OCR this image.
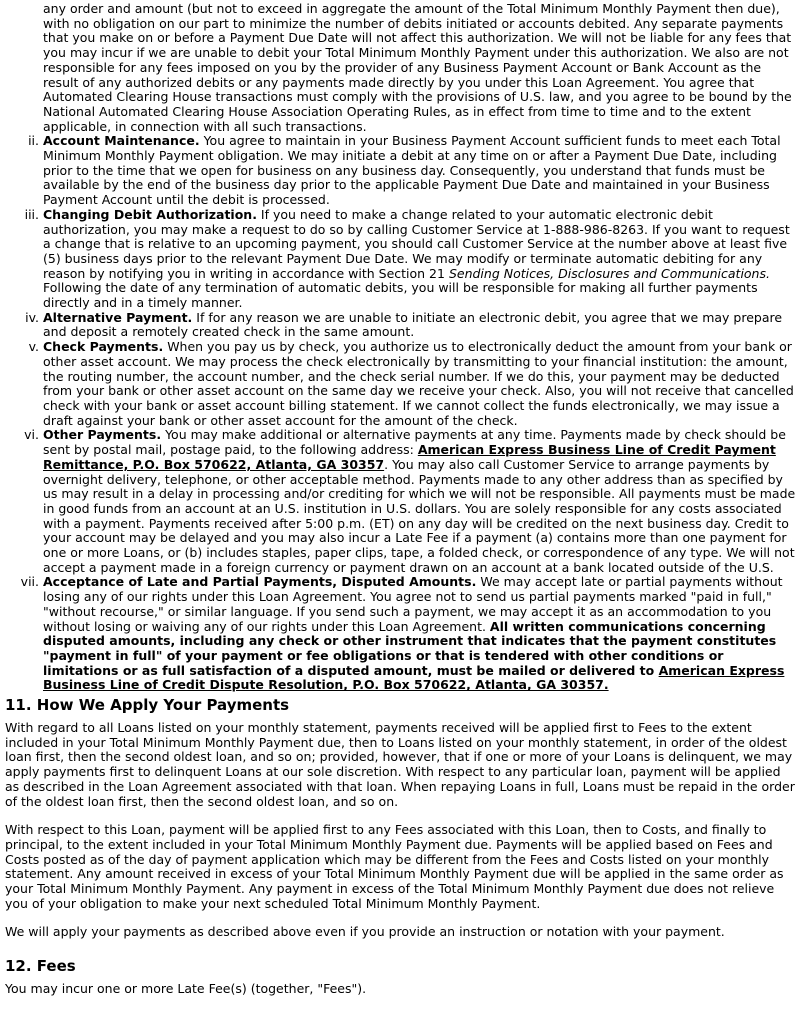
any order and amount (but not to exceed in aggregate the amount of the Total Minimum Monthly Payment then due), with no obligation on our part to minimize the number of debits initiated or accounts debited. Any separate payments that you make on or before a Payment Due Date will not affect this authorization. We will not be liable for any fees that you may incur if we are unable to debit your Total Minimum Monthly Payment under this authorization. We also are not responsible for any fees imposed on you by the provider of any Business Payment Account or Bank Account as the result of any authorized debits or any payments made directly by you under this Loan Agreement. You agree that Automated Clearing House transactions must comply with the provisions of U.S. law, and you agree to be bound by the National Automated Clearing House Association Operating Rules, as in effect from time to time and to the extent applicable, in connection with all such transactions.

ii. Account Maintenance. You agree to maintain in your Business Payment Account sufficient funds to meet each Total Minimum Monthly Payment obligation. We may initiate a debit at any time on or after a Payment Due Date, including prior to the time that we open for business on any business day. Consequently, you understand that funds must be available by the end of the business day prior to the applicable Payment Due Date and maintained in your Business Payment Account until the debit is processed.
iii. Changing Debit Authorization. If you need to make a change related to your automatic electronic debit authorization, you may make a request to do so by calling Customer Service at 1-888-986-8263. If you want to request a change that is relative to an upcoming payment, you should call Customer Service at the number above at least five (5) business days prior to the relevant Payment Due Date. We may modify or terminate automatic debiting for any reason by notifying you in writing in accordance with Section 21 Sending Notices, Disclosures and Communications. Following the date of any termination of automatic debits, you will be responsible for making all further payments directly and in a timely manner.
iv. Alternative Payment. If for any reason we are unable to initiate an electronic debit, you agree that we may prepare and deposit a remotely created check in the same amount.
v. Check Payments. When you pay us by check, you authorize us to electronically deduct the amount from your bank or other asset account. We may process the check electronically by transmitting to your financial institution: the amount, the routing number, the account number, and the check serial number. If we do this, your payment may be deducted from your bank or other asset account on the same day we receive your check. Also, you will not receive that cancelled check with your bank or asset account billing statement. If we cannot collect the funds electronically, we may issue a draft against your bank or other asset account for the amount of the check.
vi. Other Payments. You may make additional or alternative payments at any time. Payments made by check should be sent by postal mail, postage paid, to the following address: American Express Business Line of Credit Payment Remittance, P.O. Box 570622, Atlanta, GA 30357. You may also call Customer Service to arrange payments by overnight delivery, telephone, or other acceptable method. Payments made to any other address than as specified by us may result in a delay in processing and/or crediting for which we will not be responsible. All payments must be made in good funds from an account at an U.S. institution in U.S. dollars. You are solely responsible for any costs associated with a payment. Payments received after 5:00 p.m. (ET) on any day will be credited on the next business day. Credit to your account may be delayed and you may also incur a Late Fee if a payment (a) contains more than one payment for one or more Loans, or (b) includes staples, paper clips, tape, a folded check, or correspondence of any type. We will not accept a payment made in a foreign currency or payment drawn on an account at a bank located outside of the U.S.
vii. Acceptance of Late and Partial Payments, Disputed Amounts. We may accept late or partial payments without losing any of our rights under this Loan Agreement. You agree not to send us partial payments marked "paid in full," "without recourse," or similar language. If you send such a payment, we may accept it as an accommodation to you without losing or waiving any of our rights under this Loan Agreement. All written communications concerning disputed amounts, including any check or other instrument that indicates that the payment constitutes "payment in full" of your payment or fee obligations or that is tendered with other conditions or limitations or as full satisfaction of a disputed amount, must be mailed or delivered to American Express Business Line of Credit Dispute Resolution, P.O. Box 570622, Atlanta, GA 30357.
11. How We Apply Your Payments

With regard to all Loans listed on your monthly statement, payments received will be applied first to Fees to the extent included in your Total Minimum Monthly Payment due, then to Loans listed on your monthly statement, in order of the oldest loan first, then the second oldest loan, and so on; provided, however, that if one or more of your Loans is delinquent, we may apply payments first to delinquent Loans at our sole discretion. With respect to any particular loan, payment will be applied as described in the Loan Agreement associated with that loan. When repaying Loans in full, Loans must be repaid in the order of the oldest loan first, then the second oldest loan, and so on.

With respect to this Loan, payment will be applied first to any Fees associated with this Loan, then to Costs, and finally to principal, to the extent included in your Total Minimum Monthly Payment due. Payments will be applied based on Fees and Costs posted as of the day of payment application which may be different from the Fees and Costs listed on your monthly statement. Any amount received in excess of your Total Minimum Monthly Payment due will be applied in the same order as your Total Minimum Monthly Payment. Any payment in excess of the Total Minimum Monthly Payment due does not relieve you of your obligation to make your next scheduled Total Minimum Monthly Payment.

We will apply your payments as described above even if you provide an instruction or notation with your payment.

12. Fees

You may incur one or more Late Fee(s) (together, "Fees").
